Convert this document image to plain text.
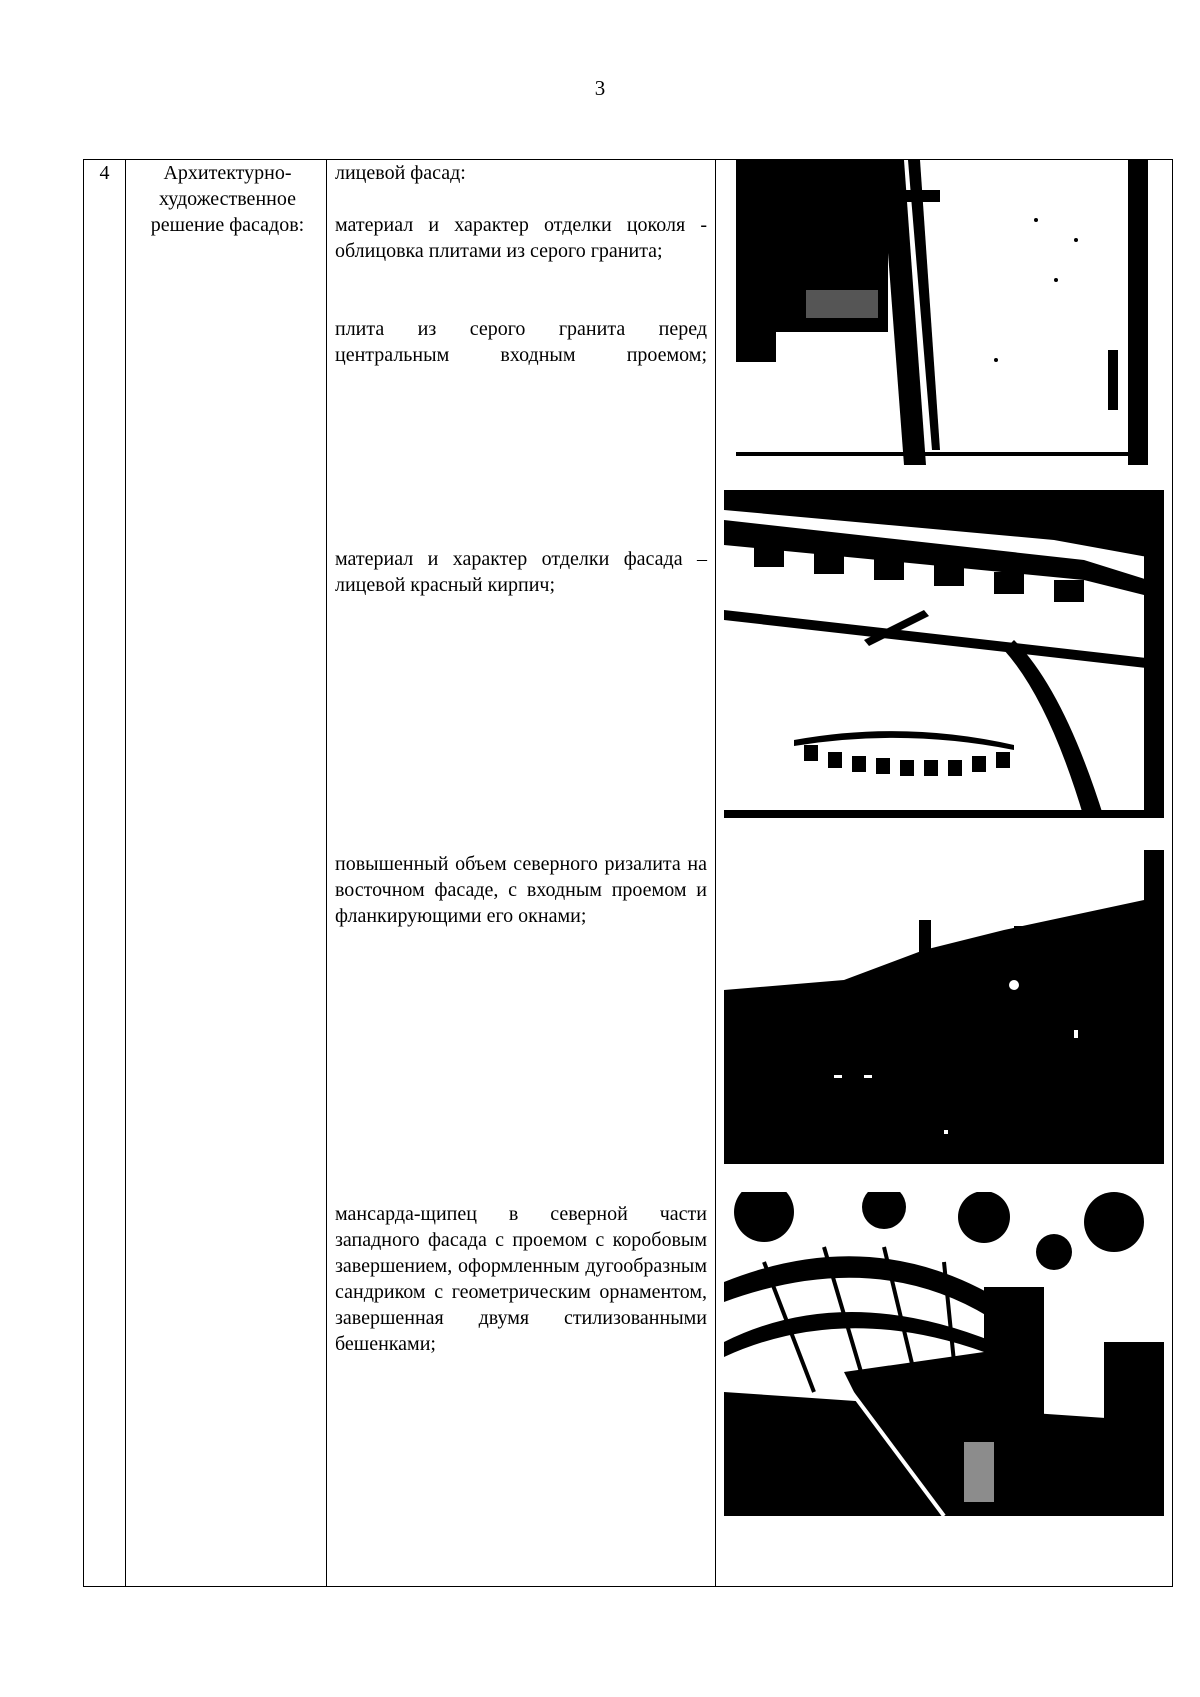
3
4	Архитектурно-
художественное
решение фасадов:

лицевой фасад:

материал и характер отделки цоколя - облицовка плитами из серого гранита;

плита из серого гранита перед центральным входным проемом;

материал и характер отделки фасада – лицевой красный кирпич;

повышенный объем северного ризалита на восточном фасаде, с входным проемом и фланкирующими его окнами;

мансарда-щипец в северной части западного фасада с проемом с коробовым завершением, оформленным дугообразным сандриком с геометрическим орнаментом, завершенная двумя стилизованными бешенками;
